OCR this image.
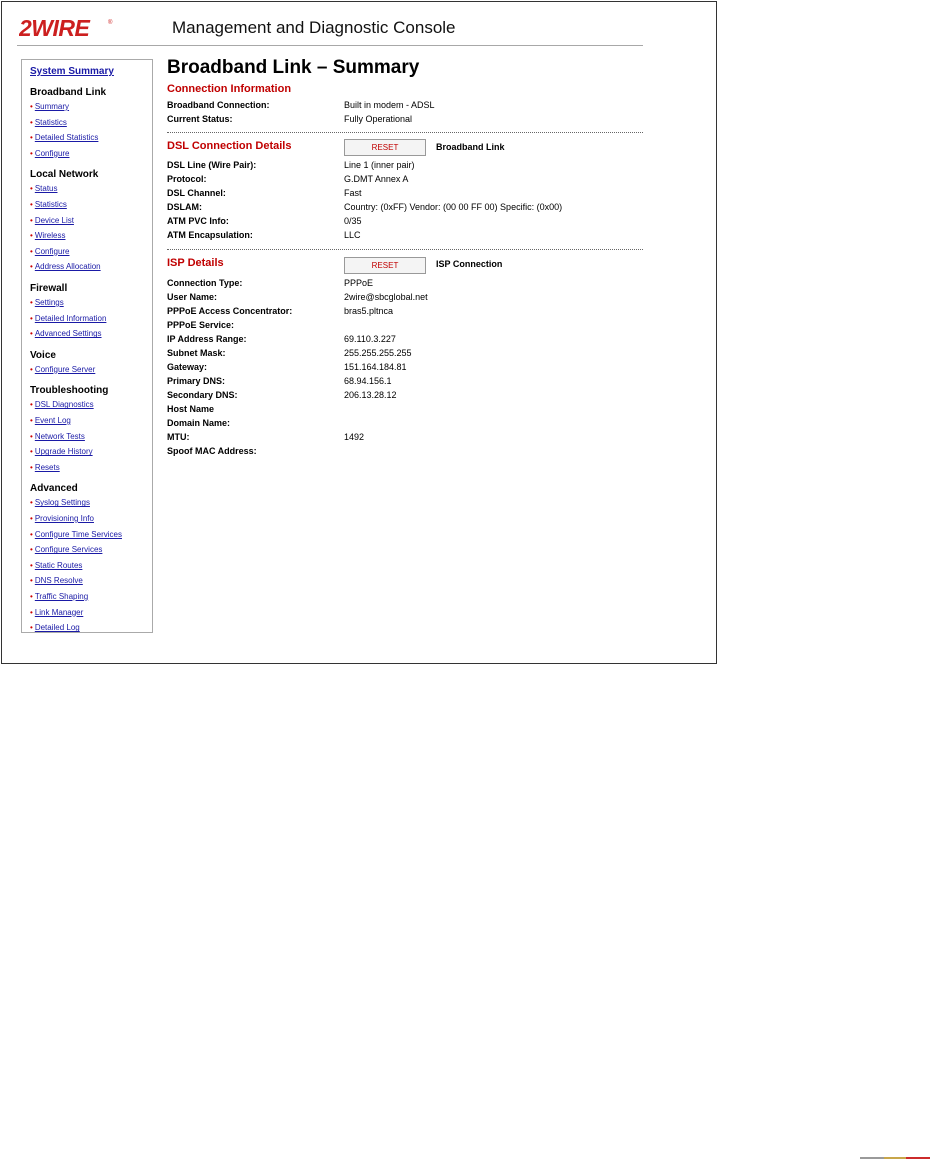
2WIRE	®	Management and Diagnostic Console
System Summary
Broadband Link
• Summary
• Statistics
• Detailed Statistics
• Configure
Local Network
• Status
• Statistics
• Device List
• Wireless
• Configure
• Address Allocation
Firewall
• Settings
• Detailed Information
• Advanced Settings
Voice
• Configure Server
Troubleshooting
• DSL Diagnostics
• Event Log
• Network Tests
• Upgrade History
• Resets
Advanced
• Syslog Settings
• Provisioning Info
• Configure Time Services
• Configure Services
• Static Routes
• DNS Resolve
• Traffic Shaping
• Link Manager
• Detailed Log
Broadband Link – Summary
Connection Information
Broadband Connection:	Built in modem - ADSL
Current Status:	Fully Operational
DSL Connection Details	RESET	Broadband Link
DSL Line (Wire Pair):	Line 1 (inner pair)
Protocol:	G.DMT Annex A
DSL Channel:	Fast
DSLAM:	Country: (0xFF) Vendor: (00 00 FF 00) Specific: (0x00)
ATM PVC Info:	0/35
ATM Encapsulation:	LLC
ISP Details	RESET	ISP Connection
Connection Type:	PPPoE
User Name:	2wire@sbcglobal.net
PPPoE Access Concentrator:	bras5.pltnca
PPPoE Service:
IP Address Range:	69.110.3.227
Subnet Mask:	255.255.255.255
Gateway:	151.164.184.81
Primary DNS:	68.94.156.1
Secondary DNS:	206.13.28.12
Host Name
Domain Name:
MTU:	1492
Spoof MAC Address:
